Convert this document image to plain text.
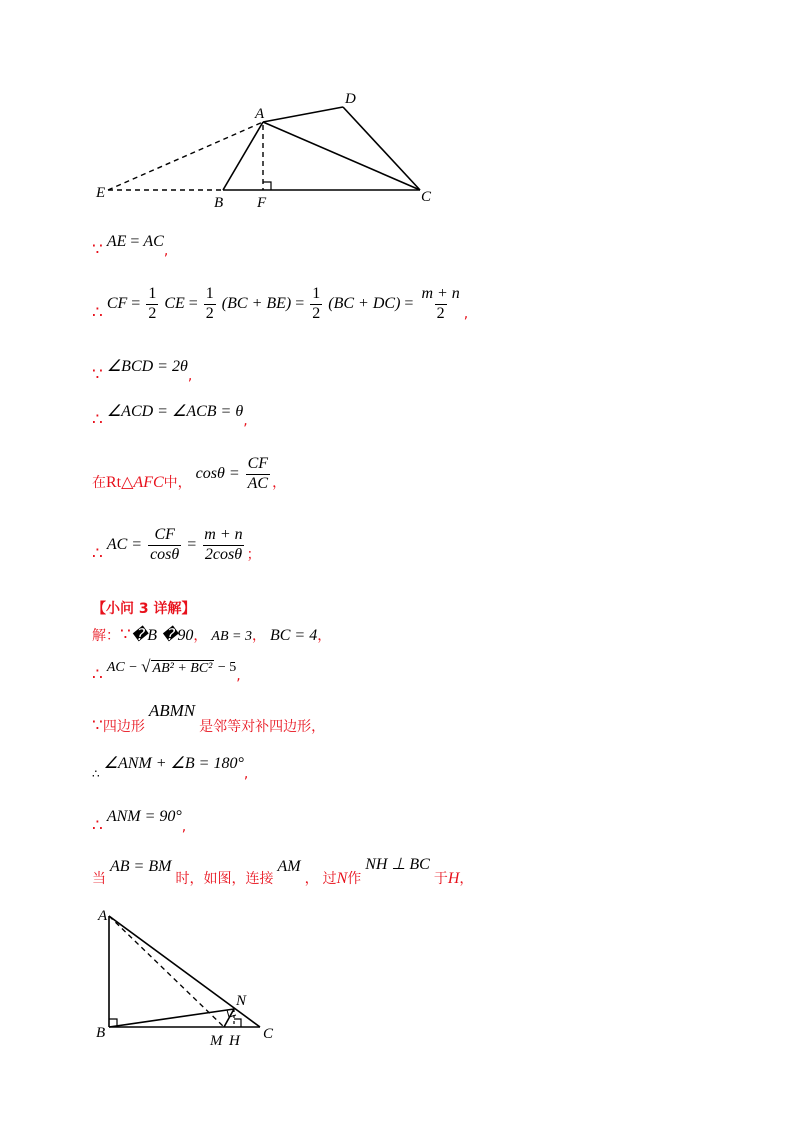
A
D
E
B F	C
∵ AE = AC,
∴ CF = $\frac{1}{2}$ CE = $\frac{1}{2} (BC + BE) = \frac{1}{2} (BC + DC) = \frac{m + n}{2}$ ,
∵ ∠BCD = 2θ,
∴ ∠ACD = ∠ACB = θ,
在Rt△AFC中， $\cos\theta = \frac{CF}{AC}$ ，
∴ AC = $\frac{CF}{\cos\theta} = \frac{m + n}{2\cos\theta}$ ；
【小问 3 详解】
解：∵�B �90， AB = 3， BC = 4，
∴ AC − √ AB² + BC² − 5,
∵四边形 ABMN 是邻等对补四边形，
$_\therefore$ ∠ANM + ∠B = 180°,
∴ ANM = 90°,
当 AB = BM 时，如图，连接 AM ， 过N作 NH ⊥ BC 于H，
A
N
B	M H C
